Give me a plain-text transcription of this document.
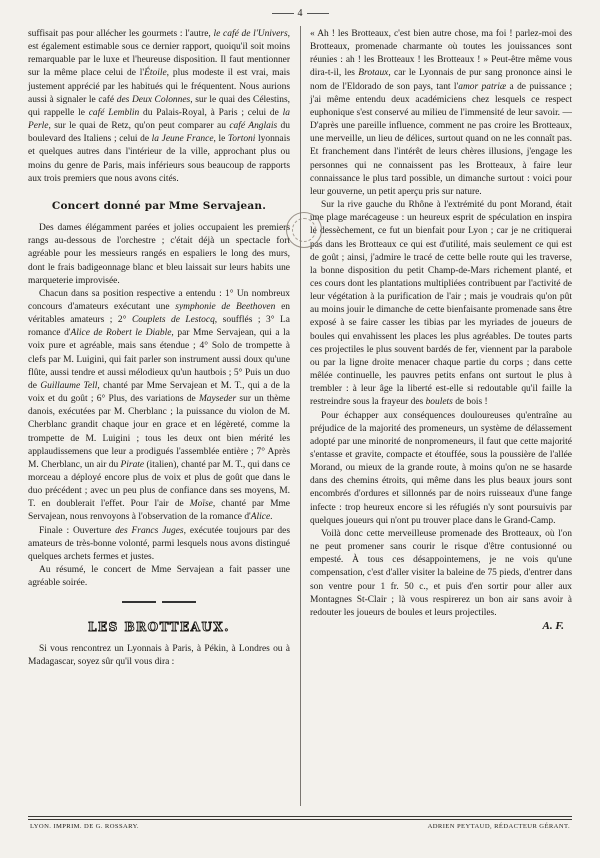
4

suffisait pas pour allécher les gourmets : l'autre, le café de l'Univers, est également estimable sous ce dernier rapport, quoiqu'il soit moins remarquable par le luxe et l'heureuse disposition. Il faut mentionner sur la même place celui de l'Étoile, plus modeste il est vrai, mais justement apprécié par les habitués qui le fréquentent. Nous aurions aussi à signaler le café des Deux Colonnes, sur le quai des Célestins, qui rappelle le café Lemblin du Palais-Royal, à Paris ; celui de la Perle, sur le quai de Retz, qu'on peut comparer au café Anglais du boulevard des Italiens ; celui de la Jeune France, le Tortoni lyonnais et quelques autres dans l'intérieur de la ville, approchant plus ou moins du genre de Paris, mais inférieurs sous beaucoup de rapports aux trois premiers que nous avons cités.

Concert donné par Mme Servajean.

Des dames élégamment parées et jolies occupaient les premiers rangs au-dessous de l'orchestre ; c'était déjà un spectacle fort agréable pour les messieurs rangés en espaliers le long des murs, dont le frais badigeonnage blanc et bleu laissait sur leurs habits une marqueterie improvisée.

Chacun dans sa position respective a entendu : 1° Un nombreux concours d'amateurs exécutant une symphonie de Beethoven en véritables amateurs ; 2° Couplets de Lestocq, soufflés ; 3° La romance d'Alice de Robert le Diable, par Mme Servajean, qui a la voix pure et agréable, mais sans étendue ; 4° Solo de trompette à clefs par M. Luigini, qui fait parler son instrument aussi doux qu'une flûte, aussi tendre et aussi mélodieux qu'un hautbois ; 5° Puis un duo de Guillaume Tell, chanté par Mme Servajean et M. T., qui a de la voix et du goût ; 6° Plus, des variations de Mayseder sur un thème danois, exécutées par M. Cherblanc ; la puissance du violon de M. Cherblanc grandit chaque jour en grace et en légèreté, comme la trompette de M. Luigini ; tous les deux ont bien mérité les applaudissemens que leur a prodigués l'assemblée entière ; 7° Après M. Cherblanc, un air du Pirate (italien), chanté par M. T., qui dans ce morceau a déployé encore plus de voix et plus de goût que dans le duo précédent ; avec un peu plus de confiance dans ses moyens, M. T. en doublerait l'effet. Pour l'air de Moïse, chanté par Mme Servajean, nous renvoyons à l'observation de la romance d'Alice.

Finale : Ouverture des Francs Juges, exécutée toujours par des amateurs de très-bonne volonté, parmi lesquels nous avons distingué quelques archets fermes et justes.

Au résumé, le concert de Mme Servajean a fait passer une agréable soirée.

LES BROTTEAUX.

Si vous rencontrez un Lyonnais à Paris, à Pékin, à Londres ou à Madagascar, soyez sûr qu'il vous dira :

« Ah ! les Brotteaux, c'est bien autre chose, ma foi ! parlez-moi des Brotteaux, promenade charmante où toutes les jouissances sont réunies : ah ! les Brotteaux ! les Brotteaux ! » Peut-être même vous dira-t-il, les Brotaux, car le Lyonnais de pur sang prononce ainsi le nom de l'Eldorado de son pays, tant l'amor patriæ a de puissance ; j'ai même entendu deux académiciens chez lesquels ce respect euphonique s'est conservé au milieu de l'immensité de leur savoir. — D'après une pareille influence, comment ne pas croire les Brotteaux, une merveille, un lieu de délices, surtout quand on ne les connaît pas. Et franchement dans l'intérêt de leurs chères illusions, j'engage les personnes qui ne connaissent pas les Brotteaux, à faire leur connaissance le plus tard possible, un dimanche surtout : voici pour leur gouverne, un petit aperçu pris sur nature.

Sur la rive gauche du Rhône à l'extrémité du pont Morand, était une plage marécageuse : un heureux esprit de spéculation en inspira le dessèchement, ce fut un bienfait pour Lyon ; car je ne critiquerai pas dans les Brotteaux ce qui est d'utilité, mais seulement ce qui est de goût ; ainsi, j'admire le tracé de cette belle route qui les traverse, la bonne disposition du petit Champ-de-Mars richement planté, et ces cours dont les plantations multipliées contribuent par l'activité de leur végétation à la purification de l'air ; mais je voudrais qu'on pût au moins jouir le dimanche de cette bienfaisante promenade sans être exposé à se faire casser les tibias par les myriades de joueurs de boules qui envahissent les places les plus agréables. De toutes parts ces projectiles le plus souvent bardés de fer, viennent par la parabole ou par la ligne droite menacer chaque partie du corps ; dans cette mêlée continuelle, les pauvres petits enfans ont surtout le plus à trembler : à leur âge la liberté est-elle si redoutable qu'il faille la restreindre sous la frayeur des boulets de bois !

Pour échapper aux conséquences douloureuses qu'entraîne au préjudice de la majorité des promeneurs, un système de délassement adopté par une minorité de nonpromeneurs, il faut que cette majorité s'entasse et gravite, compacte et étouffée, sous la poussière de l'allée Morand, ou mieux de la grande route, à moins qu'on ne se hasarde dans des chemins étroits, qui même dans les plus beaux jours sont encombrés d'ordures et sillonnés par de noirs ruisseaux d'une fange infecte : trop heureux encore si les réfugiés n'y sont poursuivis par quelques joueurs qui n'ont pu trouver place dans le Grand-Camp.

Voilà donc cette merveilleuse promenade des Brotteaux, où l'on ne peut promener sans courir le risque d'être contusionné ou empesté. À tous ces désappointemens, je ne vois qu'une compensation, c'est d'aller visiter la baleine de 75 pieds, d'entrer dans son ventre pour 1 fr. 50 c., et puis d'en sortir pour aller aux Montagnes St-Clair ; là vous respirerez un bon air sans avoir à redouter les joueurs de boules et leurs projectiles.

A. F.
LYON. IMPRIM. DE G. ROSSARY.	ADRIEN PEYTAUD, RÉDACTEUR GÉRANT.
